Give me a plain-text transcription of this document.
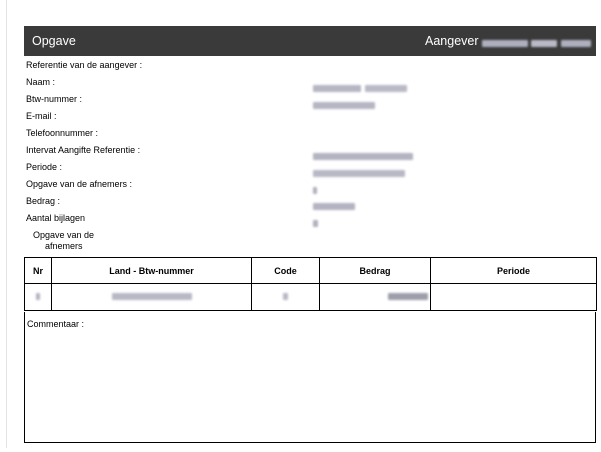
Opgave	Aangever

Referentie van de aangever :
Naam :
Btw-nummer :
E-mail :
Telefoonnummer :
Intervat Aangifte Referentie :
Periode :
Opgave van de afnemers :
Bedrag :
Aantal bijlagen
Opgave van de
afnemers
Nr	Land - Btw-nummer	Code	Bedrag	Periode

Commentaar :
